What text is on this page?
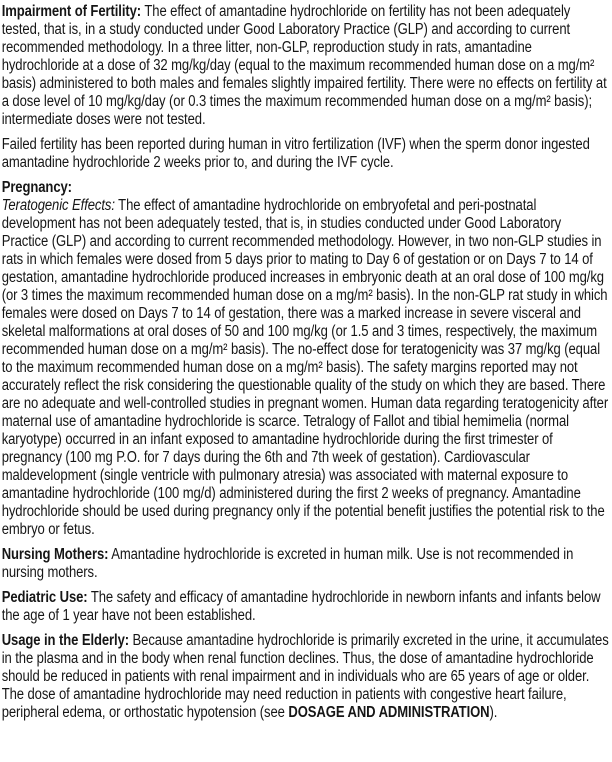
Impairment of Fertility: The effect of amantadine hydrochloride on fertility has not been adequately tested, that is, in a study conducted under Good Laboratory Practice (GLP) and according to current recommended methodology. In a three litter, non-GLP, reproduction study in rats, amantadine hydrochloride at a dose of 32 mg/kg/day (equal to the maximum recommended human dose on a mg/m² basis) administered to both males and females slightly impaired fertility. There were no effects on fertility at a dose level of 10 mg/kg/day (or 0.3 times the maximum recommended human dose on a mg/m² basis); intermediate doses were not tested.

Failed fertility has been reported during human in vitro fertilization (IVF) when the sperm donor ingested amantadine hydrochloride 2 weeks prior to, and during the IVF cycle.

Pregnancy:

Teratogenic Effects: The effect of amantadine hydrochloride on embryofetal and peri-postnatal development has not been adequately tested, that is, in studies conducted under Good Laboratory Practice (GLP) and according to current recommended methodology. However, in two non-GLP studies in rats in which females were dosed from 5 days prior to mating to Day 6 of gestation or on Days 7 to 14 of gestation, amantadine hydrochloride produced increases in embryonic death at an oral dose of 100 mg/kg (or 3 times the maximum recommended human dose on a mg/m² basis). In the non-GLP rat study in which females were dosed on Days 7 to 14 of gestation, there was a marked increase in severe visceral and skeletal malformations at oral doses of 50 and 100 mg/kg (or 1.5 and 3 times, respectively, the maximum recommended human dose on a mg/m² basis). The no-effect dose for teratogenicity was 37 mg/kg (equal to the maximum recommended human dose on a mg/m² basis). The safety margins reported may not accurately reflect the risk considering the questionable quality of the study on which they are based. There are no adequate and well-controlled studies in pregnant women. Human data regarding teratogenicity after maternal use of amantadine hydrochloride is scarce. Tetralogy of Fallot and tibial hemimelia (normal karyotype) occurred in an infant exposed to amantadine hydrochloride during the first trimester of pregnancy (100 mg P.O. for 7 days during the 6th and 7th week of gestation). Cardiovascular maldevelopment (single ventricle with pulmonary atresia) was associated with maternal exposure to amantadine hydrochloride (100 mg/d) administered during the first 2 weeks of pregnancy. Amantadine hydrochloride should be used during pregnancy only if the potential benefit justifies the potential risk to the embryo or fetus.

Nursing Mothers: Amantadine hydrochloride is excreted in human milk. Use is not recommended in nursing mothers.

Pediatric Use: The safety and efficacy of amantadine hydrochloride in newborn infants and infants below the age of 1 year have not been established.

Usage in the Elderly: Because amantadine hydrochloride is primarily excreted in the urine, it accumulates in the plasma and in the body when renal function declines. Thus, the dose of amantadine hydrochloride should be reduced in patients with renal impairment and in individuals who are 65 years of age or older. The dose of amantadine hydrochloride may need reduction in patients with congestive heart failure, peripheral edema, or orthostatic hypotension (see DOSAGE AND ADMINISTRATION).
